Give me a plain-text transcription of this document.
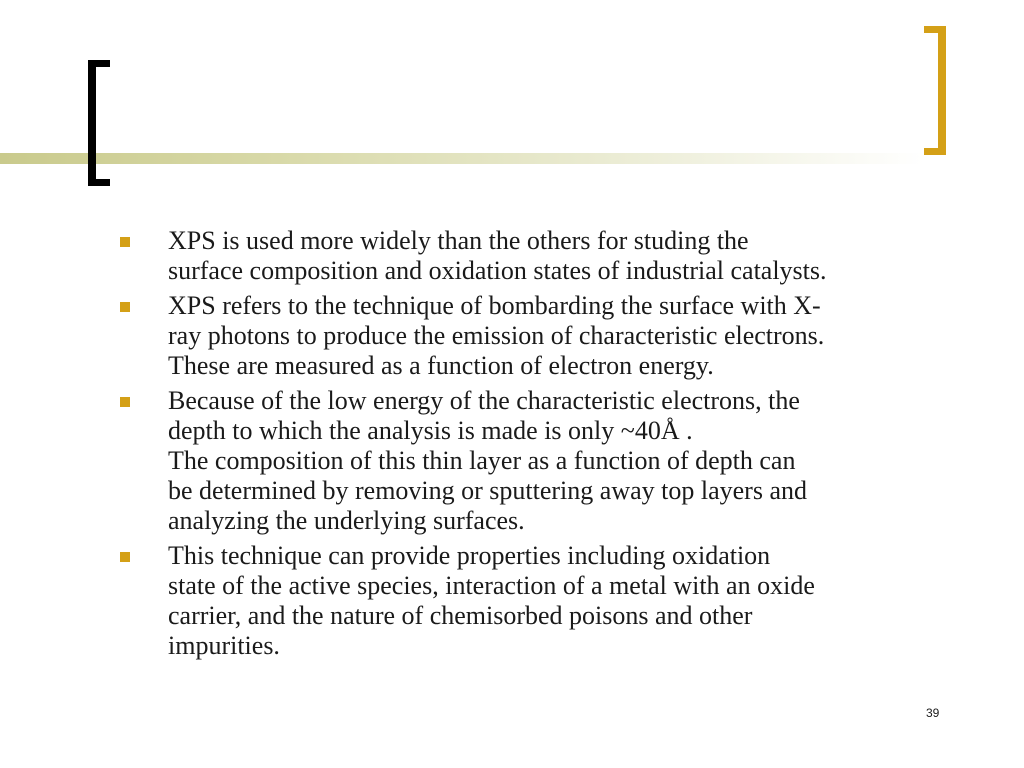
XPS is used more widely than the others for studing the
surface composition and oxidation states of industrial catalysts.
XPS refers to the technique of bombarding the surface with X-
ray photons to produce the emission of characteristic electrons.
These are measured as a function of electron energy.
Because of the low energy of the characteristic electrons, the
depth to which the analysis is made is only ~40Å .
The composition of this thin layer as a function of depth can
be determined by removing or sputtering away top layers and
analyzing the underlying surfaces.
This technique can provide properties including oxidation
state of the active species, interaction of a metal with an oxide
carrier, and the nature of chemisorbed poisons and other
impurities.
39
